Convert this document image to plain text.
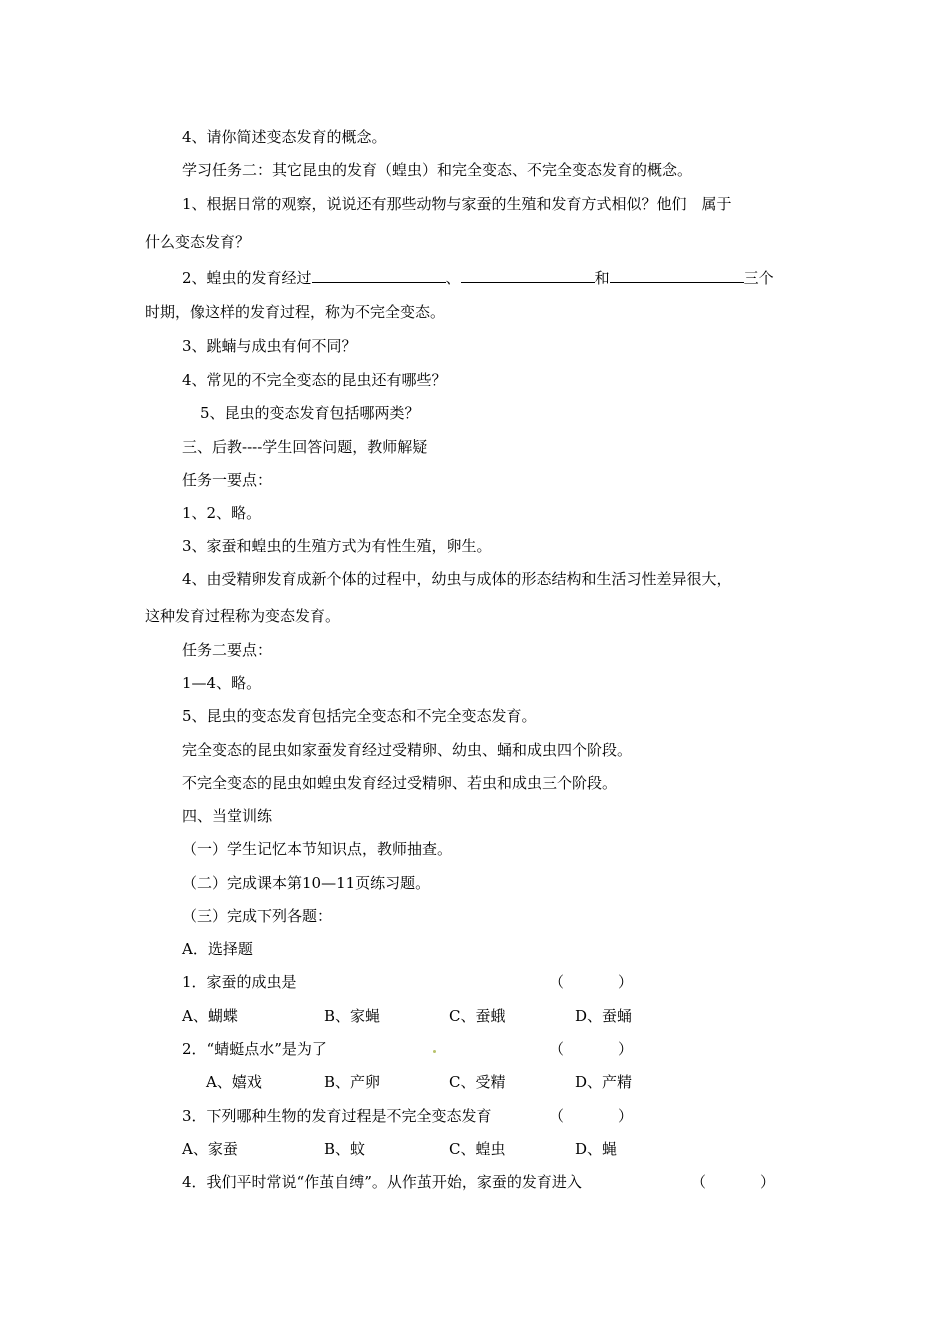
4、请你简述变态发育的概念。
学习任务二：其它昆虫的发育（蝗虫）和完全变态、不完全变态发育的概念。
1、根据日常的观察，说说还有那些动物与家蚕的生殖和发育方式相似？他们　属于
什么变态发育？
2、蝗虫的发育经过	、	和	三个
时期，像这样的发育过程，称为不完全变态。
3、跳蝻与成虫有何不同？
4、常见的不完全变态的昆虫还有哪些？
5、昆虫的变态发育包括哪两类？
三、后教----学生回答问题，教师解疑
任务一要点：
1、2、略。
3、家蚕和蝗虫的生殖方式为有性生殖，卵生。
4、由受精卵发育成新个体的过程中，幼虫与成体的形态结构和生活习性差异很大，
这种发育过程称为变态发育。
任务二要点：
1—4、略。
5、昆虫的变态发育包括完全变态和不完全变态发育。
完全变态的昆虫如家蚕发育经过受精卵、幼虫、蛹和成虫四个阶段。
不完全变态的昆虫如蝗虫发育经过受精卵、若虫和成虫三个阶段。
四、当堂训练
（一）学生记忆本节知识点，教师抽查。
（二）完成课本第10—11页练习题。
（三）完成下列各题：
A．选择题
1．家蚕的成虫是	（	）
A、蝴蝶	B、家蝇	C、蚕蛾	D、蚕蛹
2．“蜻蜓点水”是为了	（	）
A、嬉戏	B、产卵	C、受精	D、产精
3．下列哪种生物的发育过程是不完全变态发育	（	）
A、家蚕	B、蚊	C、蝗虫	D、蝇
4．我们平时常说“作茧自缚”。从作茧开始，家蚕的发育进入	（	）
